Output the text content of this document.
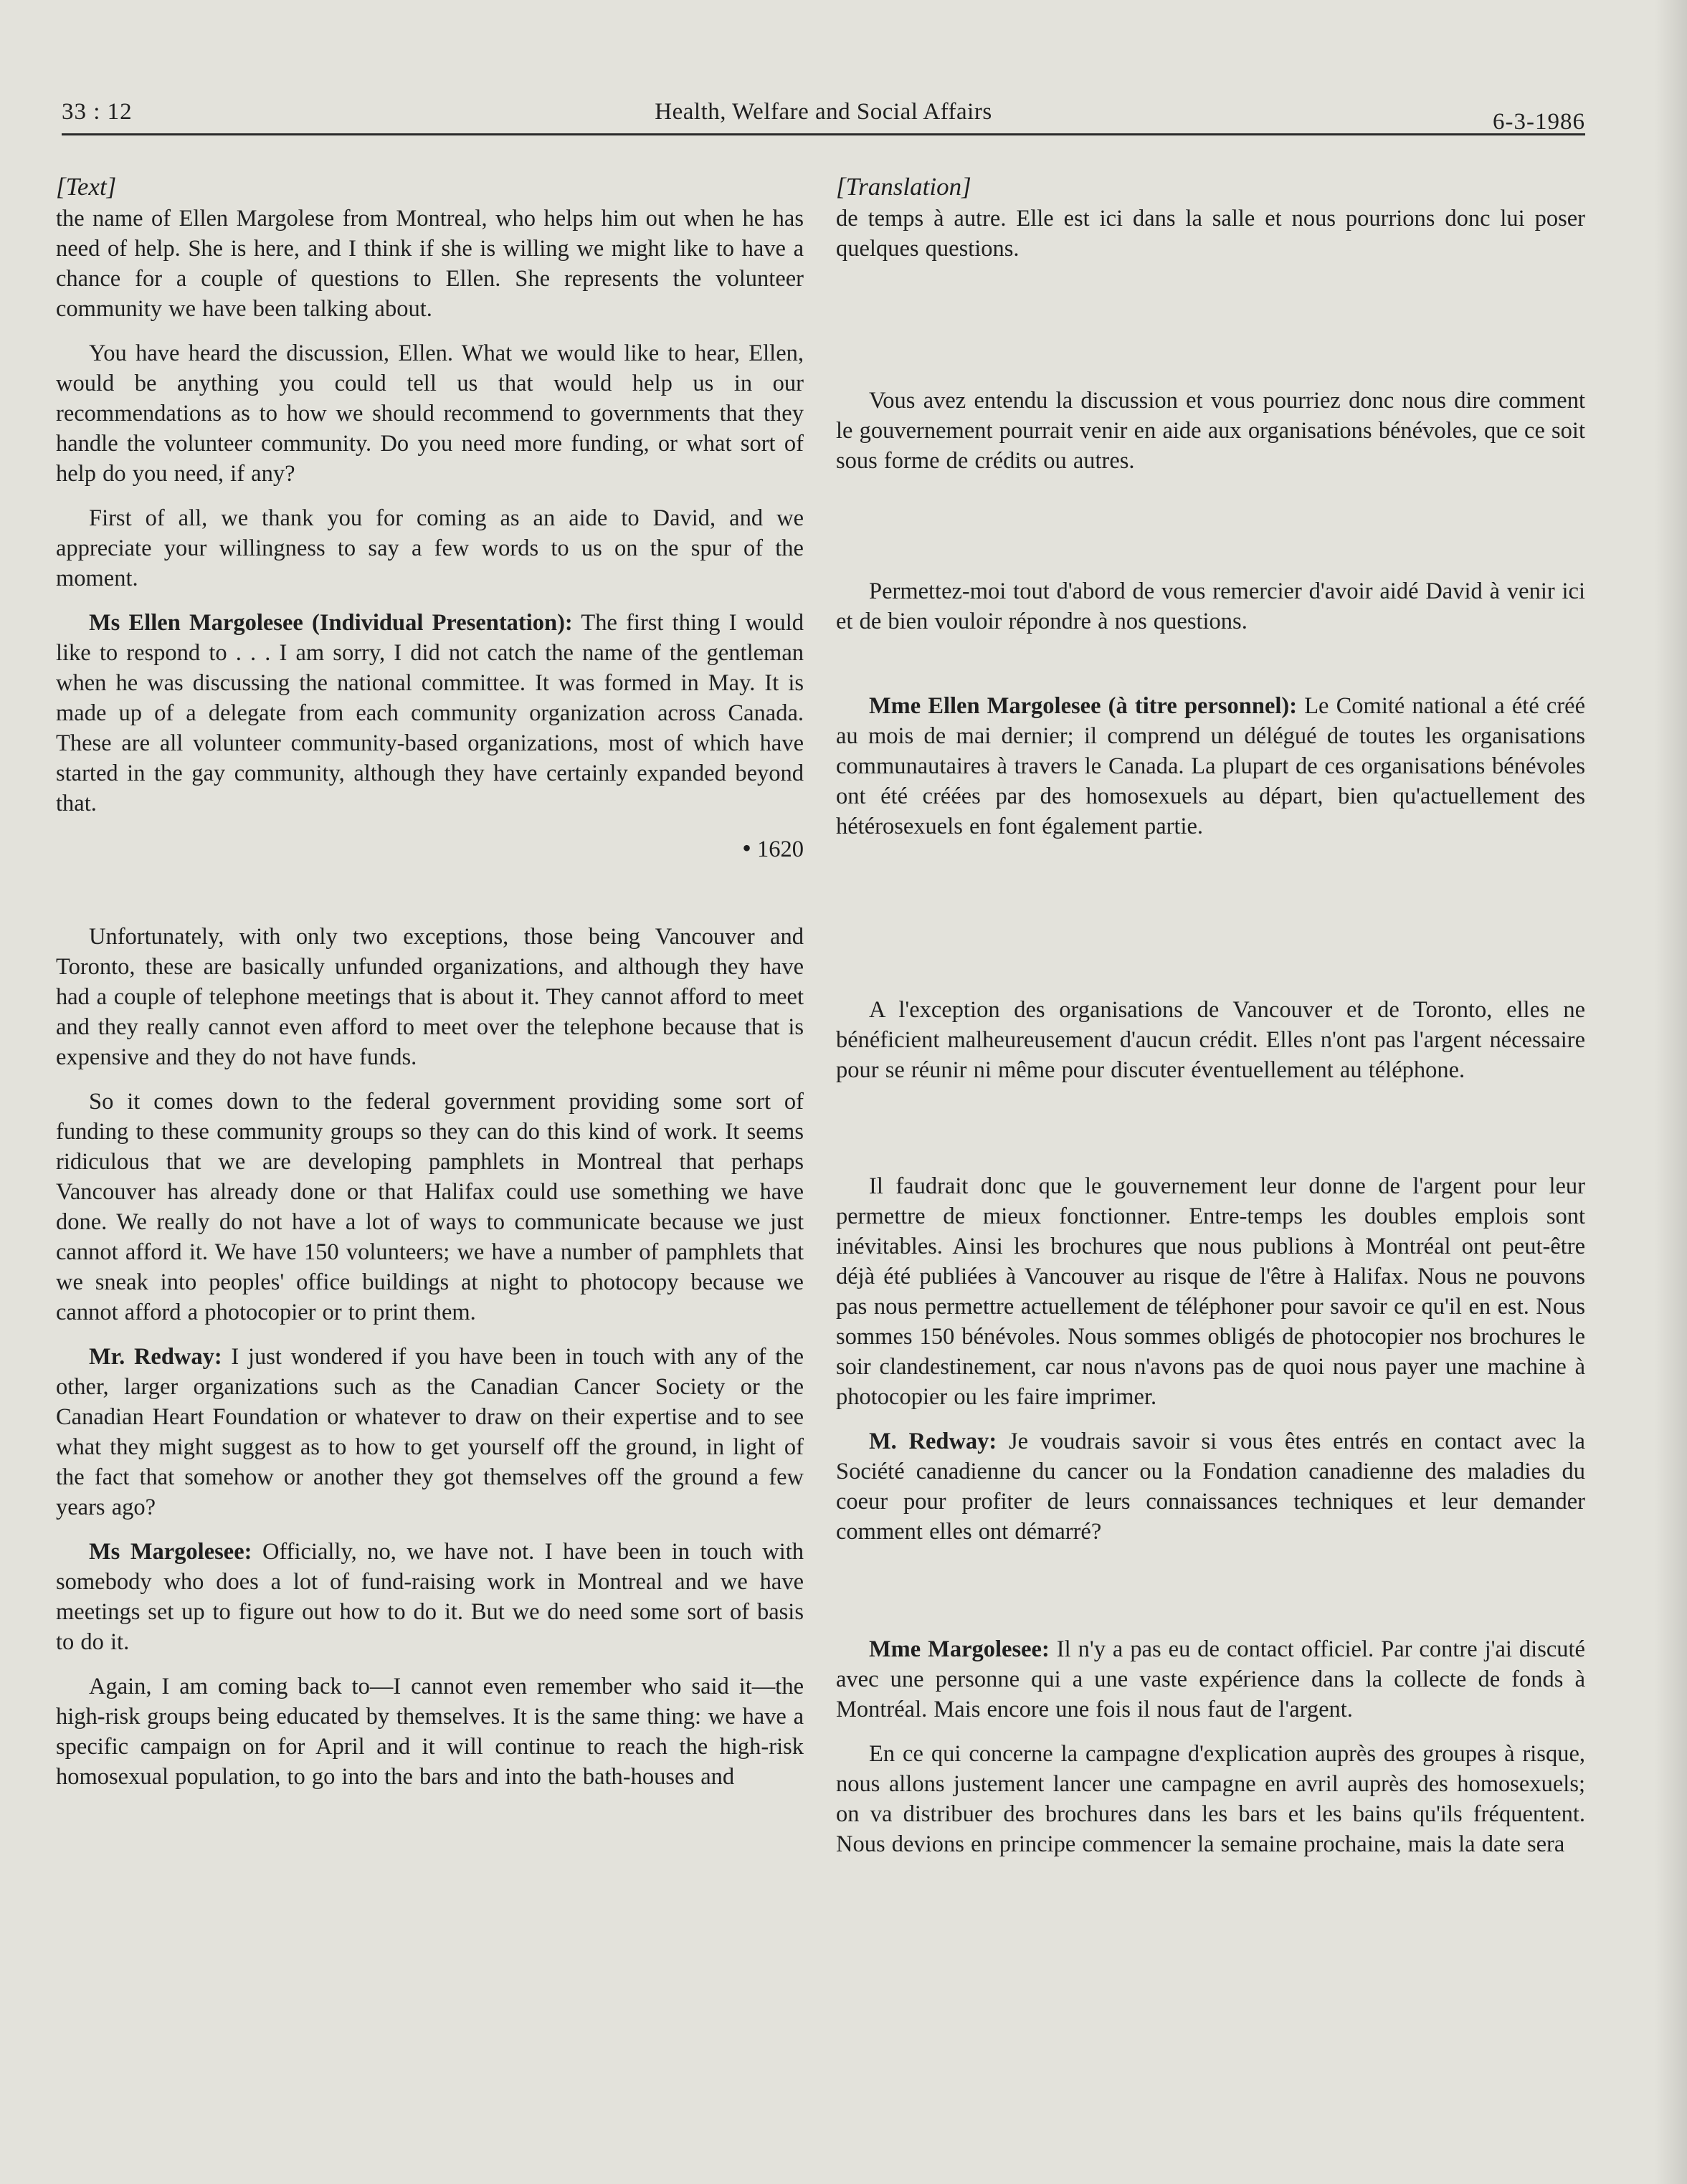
Health, Welfare and Social Affairs
33 : 12	6-3-1986

[Text]

the name of Ellen Margolese from Montreal, who helps him out when he has need of help. She is here, and I think if she is willing we might like to have a chance for a couple of questions to Ellen. She represents the volunteer community we have been talking about.

You have heard the discussion, Ellen. What we would like to hear, Ellen, would be anything you could tell us that would help us in our recommendations as to how we should recommend to governments that they handle the volunteer community. Do you need more funding, or what sort of help do you need, if any?

First of all, we thank you for coming as an aide to David, and we appreciate your willingness to say a few words to us on the spur of the moment.

Ms Ellen Margolesee (Individual Presentation): The first thing I would like to respond to . . . I am sorry, I did not catch the name of the gentleman when he was discussing the national committee. It was formed in May. It is made up of a delegate from each community organization across Canada. These are all volunteer community-based organizations, most of which have started in the gay community, although they have certainly expanded beyond that.

• 1620

Unfortunately, with only two exceptions, those being Vancouver and Toronto, these are basically unfunded organizations, and although they have had a couple of telephone meetings that is about it. They cannot afford to meet and they really cannot even afford to meet over the telephone because that is expensive and they do not have funds.

So it comes down to the federal government providing some sort of funding to these community groups so they can do this kind of work. It seems ridiculous that we are developing pamphlets in Montreal that perhaps Vancouver has already done or that Halifax could use something we have done. We really do not have a lot of ways to communicate because we just cannot afford it. We have 150 volunteers; we have a number of pamphlets that we sneak into peoples' office buildings at night to photocopy because we cannot afford a photocopier or to print them.

Mr. Redway: I just wondered if you have been in touch with any of the other, larger organizations such as the Canadian Cancer Society or the Canadian Heart Foundation or whatever to draw on their expertise and to see what they might suggest as to how to get yourself off the ground, in light of the fact that somehow or another they got themselves off the ground a few years ago?

Ms Margolesee: Officially, no, we have not. I have been in touch with somebody who does a lot of fund-raising work in Montreal and we have meetings set up to figure out how to do it. But we do need some sort of basis to do it.

Again, I am coming back to—I cannot even remember who said it—the high-risk groups being educated by themselves. It is the same thing: we have a specific campaign on for April and it will continue to reach the high-risk homosexual population, to go into the bars and into the bath-houses and

[Translation]

de temps à autre. Elle est ici dans la salle et nous pourrions donc lui poser quelques questions.

Vous avez entendu la discussion et vous pourriez donc nous dire comment le gouvernement pourrait venir en aide aux organisations bénévoles, que ce soit sous forme de crédits ou autres.

Permettez-moi tout d'abord de vous remercier d'avoir aidé David à venir ici et de bien vouloir répondre à nos questions.

Mme Ellen Margolesee (à titre personnel): Le Comité national a été créé au mois de mai dernier; il comprend un délégué de toutes les organisations communautaires à travers le Canada. La plupart de ces organisations bénévoles ont été créées par des homosexuels au départ, bien qu'actuellement des hétérosexuels en font également partie.

A l'exception des organisations de Vancouver et de Toronto, elles ne bénéficient malheureusement d'aucun crédit. Elles n'ont pas l'argent nécessaire pour se réunir ni même pour discuter éventuellement au téléphone.

Il faudrait donc que le gouvernement leur donne de l'argent pour leur permettre de mieux fonctionner. Entre-temps les doubles emplois sont inévitables. Ainsi les brochures que nous publions à Montréal ont peut-être déjà été publiées à Vancouver au risque de l'être à Halifax. Nous ne pouvons pas nous permettre actuellement de téléphoner pour savoir ce qu'il en est. Nous sommes 150 bénévoles. Nous sommes obligés de photocopier nos brochures le soir clandestinement, car nous n'avons pas de quoi nous payer une machine à photocopier ou les faire imprimer.

M. Redway: Je voudrais savoir si vous êtes entrés en contact avec la Société canadienne du cancer ou la Fondation canadienne des maladies du coeur pour profiter de leurs connaissances techniques et leur demander comment elles ont démarré?

Mme Margolesee: Il n'y a pas eu de contact officiel. Par contre j'ai discuté avec une personne qui a une vaste expérience dans la collecte de fonds à Montréal. Mais encore une fois il nous faut de l'argent.

En ce qui concerne la campagne d'explication auprès des groupes à risque, nous allons justement lancer une campagne en avril auprès des homosexuels; on va distribuer des brochures dans les bars et les bains qu'ils fréquentent. Nous devions en principe commencer la semaine prochaine, mais la date sera
